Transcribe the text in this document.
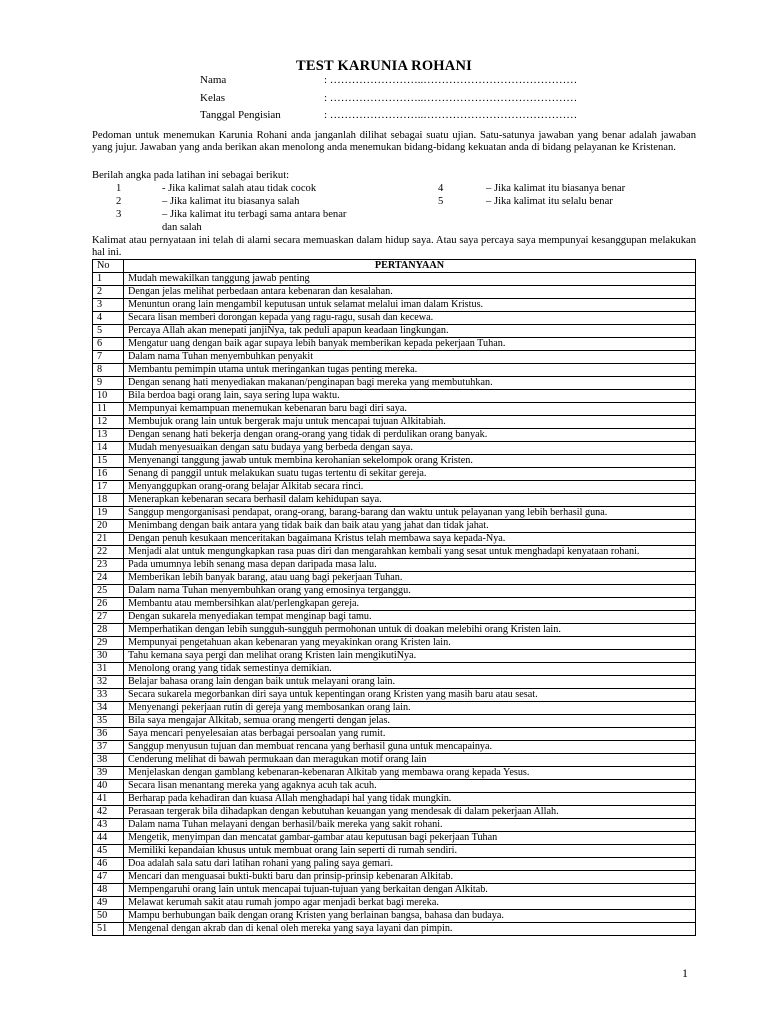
TEST KARUNIA ROHANI
Nama	: ……………………..……………………………………
Kelas	: ……………………..……………………………………
Tanggal Pengisian	: ……………………..……………………………………
Pedoman untuk menemukan Karunia Rohani anda janganlah dilihat sebagai suatu ujian. Satu-satunya jawaban yang benar adalah jawaban yang jujur. Jawaban yang anda berikan akan menolong anda menemukan bidang-bidang kekuatan anda di bidang pelayanan ke Kristenan.
Berilah angka pada latihan ini sebagai berikut:
1	- Jika kalimat salah atau tidak cocok	4	– Jika kalimat itu biasanya benar
2	– Jika kalimat itu biasanya salah	5	– Jika kalimat itu selalu benar
3	– Jika kalimat itu terbagi sama antara benar
dan salah
Kalimat atau pernyataan ini telah di alami secara memuaskan dalam hidup saya. Atau saya percaya saya mempunyai kesanggupan melakukan hal ini.
No	PERTANYAAN
1	Mudah mewakilkan tanggung jawab penting
2	Dengan jelas melihat perbedaan antara kebenaran dan kesalahan.
3	Menuntun orang lain mengambil keputusan untuk selamat melalui iman dalam Kristus.
4	Secara lisan memberi dorongan kepada yang ragu-ragu, susah dan kecewa.
5	Percaya Allah akan menepati janjiNya, tak peduli apapun keadaan lingkungan.
6	Mengatur uang dengan baik agar supaya lebih banyak memberikan kepada pekerjaan Tuhan.
7	Dalam nama Tuhan menyembuhkan penyakit
8	Membantu pemimpin utama untuk meringankan tugas penting mereka.
9	Dengan senang hati menyediakan makanan/penginapan bagi mereka yang membutuhkan.
10	Bila berdoa bagi orang lain, saya sering lupa waktu.
11	Mempunyai kemampuan menemukan kebenaran baru bagi diri saya.
12	Membujuk orang lain untuk bergerak maju untuk mencapai tujuan Alkitabiah.
13	Dengan senang hati bekerja dengan orang-orang yang tidak di perdulikan orang banyak.
14	Mudah menyesuaikan dengan satu budaya yang berbeda dengan saya.
15	Menyenangi tanggung jawab untuk membina kerohanian sekelompok orang Kristen.
16	Senang di panggil untuk melakukan suatu tugas tertentu di sekitar gereja.
17	Menyanggupkan orang-orang belajar Alkitab secara rinci.
18	Menerapkan kebenaran secara berhasil dalam kehidupan saya.
19	Sanggup mengorganisasi pendapat, orang-orang, barang-barang dan waktu untuk pelayanan yang lebih berhasil guna.
20	Menimbang dengan baik antara yang tidak baik dan baik atau yang jahat dan tidak jahat.
21	Dengan penuh kesukaan menceritakan bagaimana Kristus telah membawa saya kepada-Nya.
22	Menjadi alat untuk mengungkapkan rasa puas diri dan mengarahkan kembali yang sesat untuk menghadapi kenyataan rohani.
23	Pada umumnya lebih senang masa depan daripada masa lalu.
24	Memberikan lebih banyak barang, atau uang bagi pekerjaan Tuhan.
25	Dalam nama Tuhan menyembuhkan orang yang emosinya terganggu.
26	Membantu atau membersihkan alat/perlengkapan gereja.
27	Dengan sukarela menyediakan tempat menginap bagi tamu.
28	Memperhatikan dengan lebih sungguh-sungguh permohonan untuk di doakan melebihi orang Kristen lain.
29	Mempunyai pengetahuan akan kebenaran yang meyakinkan orang Kristen lain.
30	Tahu kemana saya pergi dan melihat orang Kristen lain mengikutiNya.
31	Menolong orang yang tidak semestinya demikian.
32	Belajar bahasa orang lain dengan baik untuk melayani orang lain.
33	Secara sukarela megorbankan diri saya untuk kepentingan orang Kristen yang masih baru atau sesat.
34	Menyenangi pekerjaan rutin di gereja yang membosankan orang lain.
35	Bila saya mengajar Alkitab, semua orang mengerti dengan jelas.
36	Saya mencari penyelesaian atas berbagai persoalan yang rumit.
37	Sanggup menyusun tujuan dan membuat rencana yang berhasil guna untuk mencapainya.
38	Cenderung melihat di bawah permukaan dan meragukan motif orang lain
39	Menjelaskan dengan gamblang kebenaran-kebenaran Alkitab yang membawa orang kepada Yesus.
40	Secara lisan menantang mereka yang agaknya acuh tak acuh.
41	Berharap pada kehadiran dan kuasa Allah menghadapi hal yang tidak mungkin.
42	Perasaan tergerak bila dihadapkan dengan kebutuhan keuangan yang mendesak di dalam pekerjaan Allah.
43	Dalam nama Tuhan melayani dengan berhasil/baik mereka yang sakit rohani.
44	Mengetik, menyimpan dan mencatat gambar-gambar atau keputusan bagi pekerjaan Tuhan
45	Memiliki kepandaian khusus untuk membuat orang lain seperti di rumah sendiri.
46	Doa adalah sala satu dari latihan rohani yang paling saya gemari.
47	Mencari dan menguasai bukti-bukti baru dan prinsip-prinsip kebenaran Alkitab.
48	Mempengaruhi orang lain untuk mencapai tujuan-tujuan yang berkaitan dengan Alkitab.
49	Melawat kerumah sakit atau rumah jompo agar menjadi berkat bagi mereka.
50	Mampu berhubungan baik dengan orang Kristen yang berlainan bangsa, bahasa dan budaya.
51	Mengenal dengan akrab dan di kenal oleh mereka yang saya layani dan pimpin.
1
